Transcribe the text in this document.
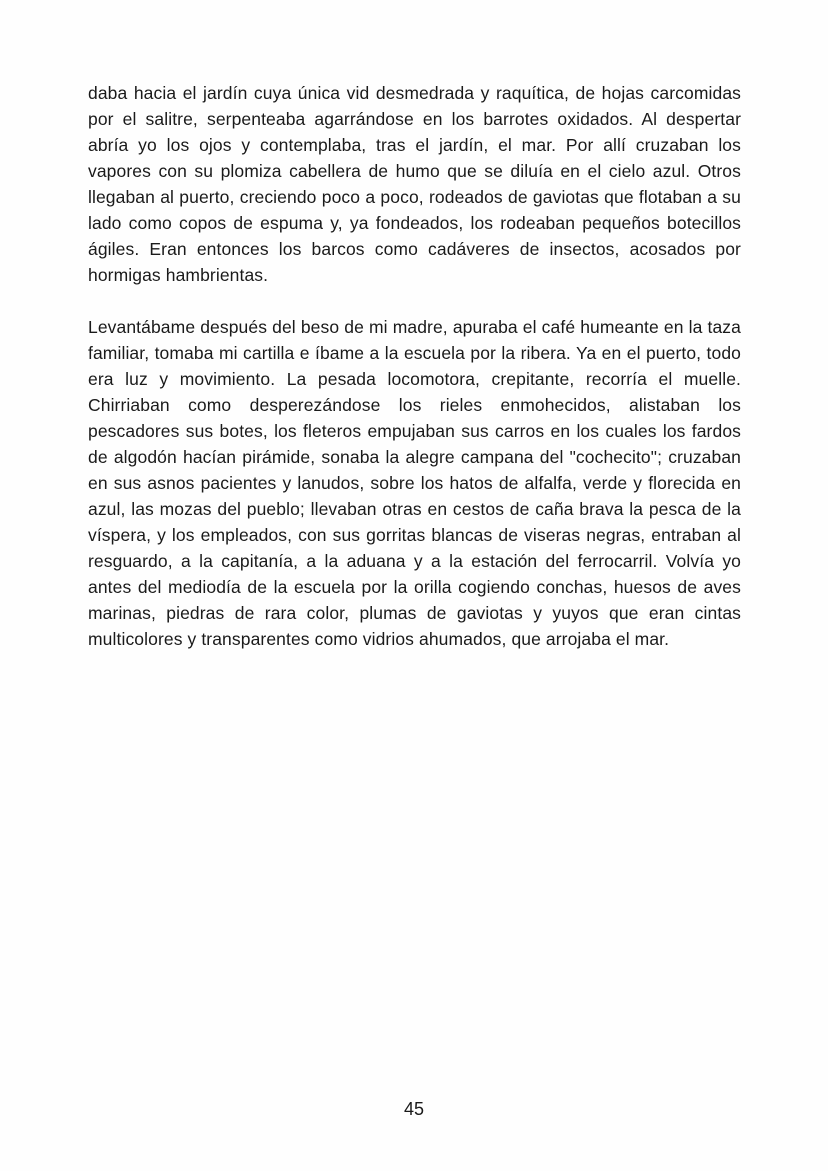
daba hacia el jardín cuya única vid desmedrada y raquítica, de hojas carcomidas por el salitre, serpenteaba agarrándose en los barrotes oxidados. Al despertar abría yo los ojos y contemplaba, tras el jardín, el mar. Por allí cruzaban los vapores con su plomiza cabellera de humo que se diluía en el cielo azul. Otros llegaban al puerto, creciendo poco a poco, rodeados de gaviotas que flotaban a su lado como copos de espuma y, ya fondeados, los rodeaban pequeños botecillos ágiles. Eran entonces los barcos como cadáveres de insectos, acosados por hormigas hambrientas.

Levantábame después del beso de mi madre, apuraba el café humeante en la taza familiar, tomaba mi cartilla e íbame a la escuela por la ribera. Ya en el puerto, todo era luz y movimiento. La pesada locomotora, crepitante, recorría el muelle. Chirriaban como desperezándose los rieles enmohecidos, alistaban los pescadores sus botes, los fleteros empujaban sus carros en los cuales los fardos de algodón hacían pirámide, sonaba la alegre campana del "cochecito"; cruzaban en sus asnos pacientes y lanudos, sobre los hatos de alfalfa, verde y florecida en azul, las mozas del pueblo; llevaban otras en cestos de caña brava la pesca de la víspera, y los empleados, con sus gorritas blancas de viseras negras, entraban al resguardo, a la capitanía, a la aduana y a la estación del ferrocarril. Volvía yo antes del mediodía de la escuela por la orilla cogiendo conchas, huesos de aves marinas, piedras de rara color, plumas de gaviotas y yuyos que eran cintas multicolores y transparentes como vidrios ahumados, que arrojaba el mar.

45
